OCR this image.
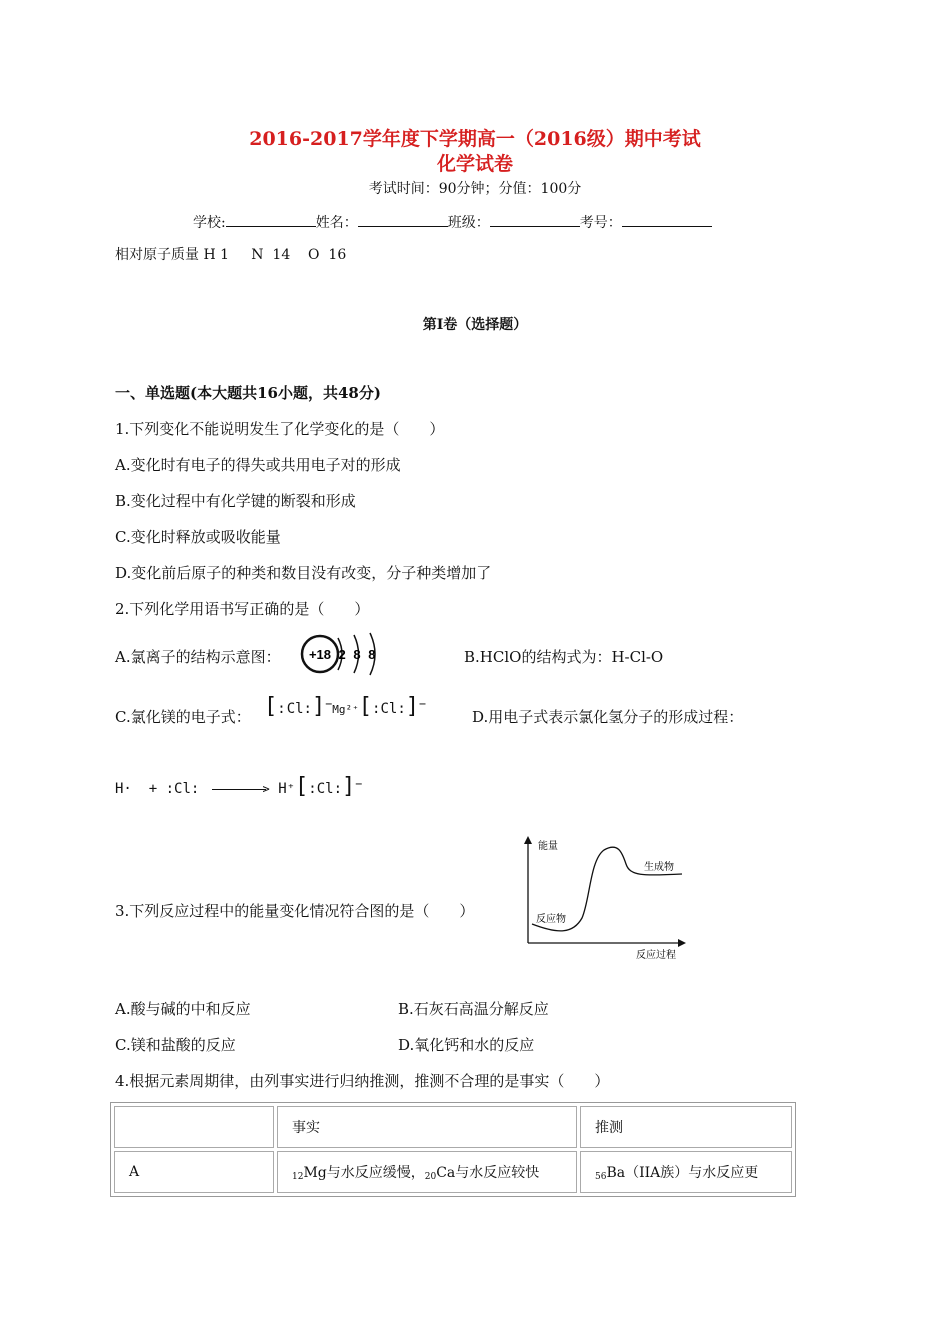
2016-2017学年度下学期高一（2016级）期中考试
化学试卷
考试时间：90分钟；分值：100分
学校:	姓名：	班级：	考号：
相对原子质量 H 1     N  14    O  16
第I卷（选择题）
一、单选题(本大题共16小题，共48分)
1.下列变化不能说明发生了化学变化的是（　　）
A.变化时有电子的得失或共用电子对的形成
B.变化过程中有化学键的断裂和形成
C.变化时释放或吸收能量
D.变化前后原子的种类和数目没有改变，分子种类增加了
2.下列化学用语书写正确的是（　　）
A.氯离子的结构示意图： +18 2 8 8	B.HClO的结构式为：H-Cl-O
C.氯化镁的电子式： [:Cl:]−Mg²⁺[:Cl:]−
D.用电子式表示氯化氢分子的形成过程：
H·  + :Cl:	> H⁺[:Cl:]−
3.下列反应过程中的能量变化情况符合图的是（　　）
能量
反应过程
反应物
生成物
A.酸与碱的中和反应	B.石灰石高温分解反应
C.镁和盐酸的反应	D.氧化钙和水的反应
4.根据元素周期律，由列事实进行归纳推测，推测不合理的是事实（　　）
	事实	推测
A	$_{12}$Mg与水反应缓慢，$_{20}$Ca与水反应较快	$_{56}$Ba（IIA族）与水反应更
